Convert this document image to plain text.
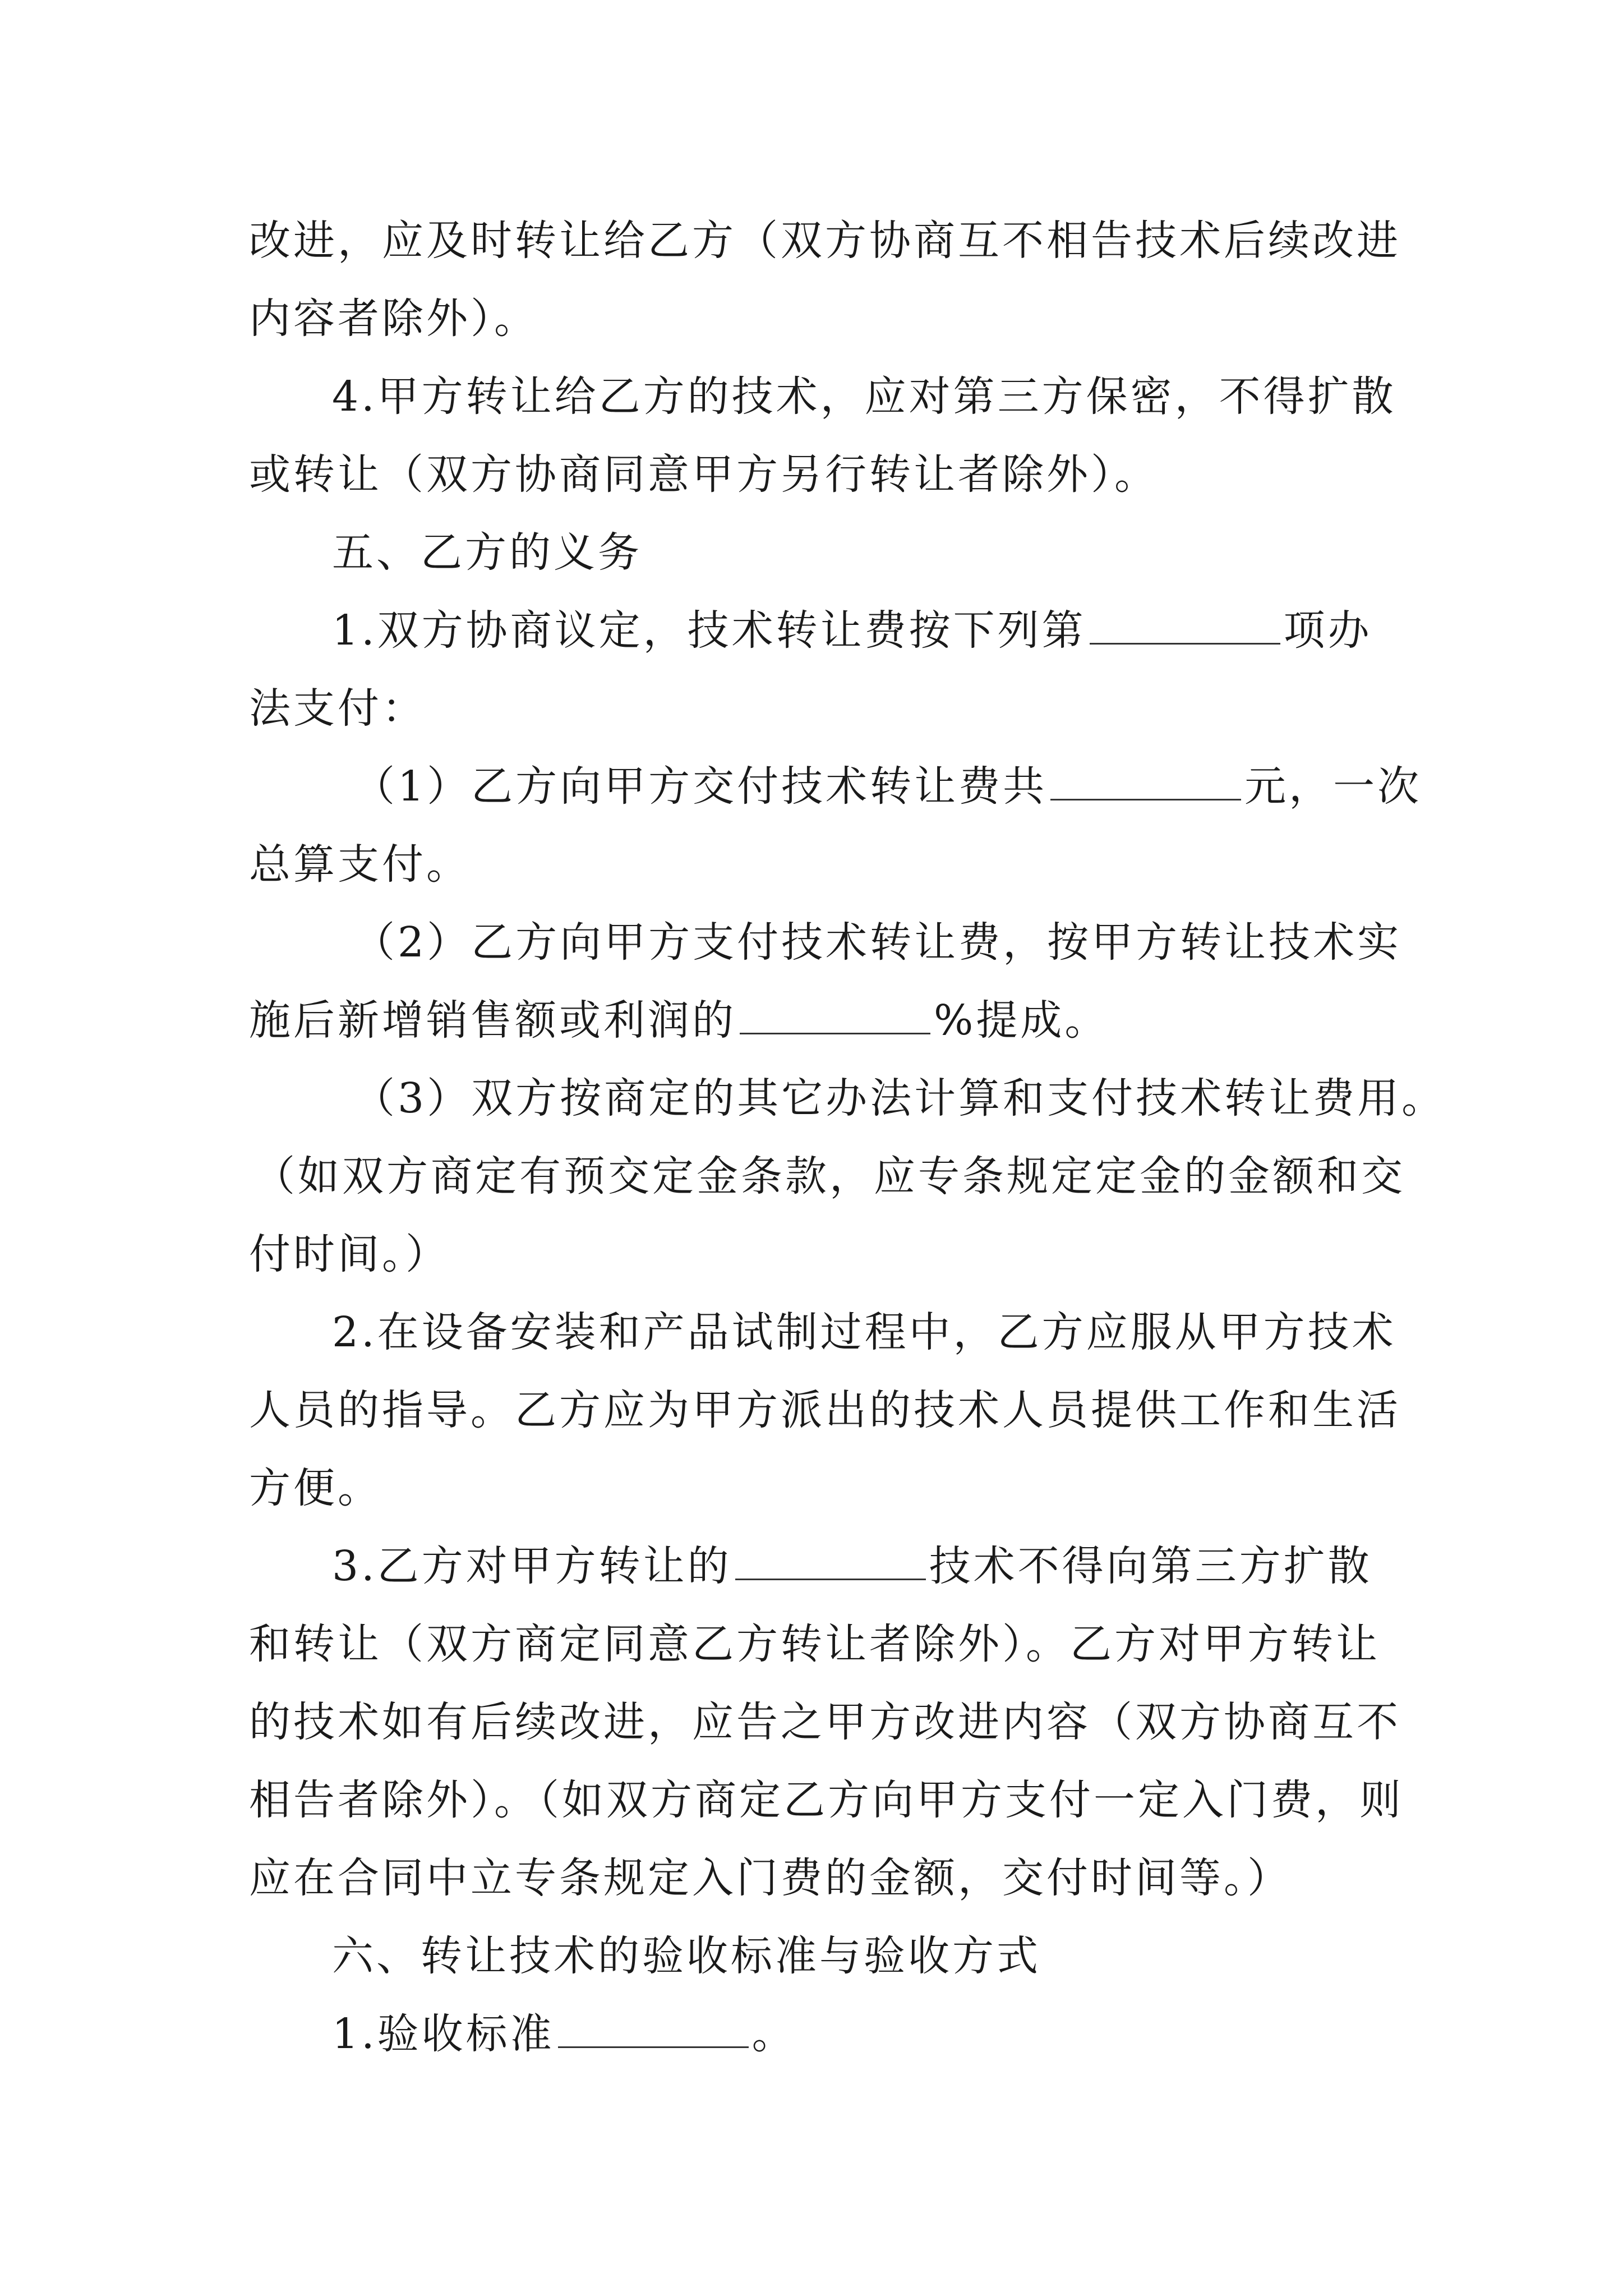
改进，应及时转让给乙方（双方协商互不相告技术后续改进
内容者除外）。
4.甲方转让给乙方的技术，应对第三方保密，不得扩散
或转让（双方协商同意甲方另行转让者除外）。
五、乙方的义务
1.双方协商议定，技术转让费按下列第	项办
法支付：
（1）乙方向甲方交付技术转让费共	元，一次
总算支付。
（2）乙方向甲方支付技术转让费，按甲方转让技术实
施后新增销售额或利润的	%提成。
（3）双方按商定的其它办法计算和支付技术转让费用。
（如双方商定有预交定金条款，应专条规定定金的金额和交
付时间。）
2.在设备安装和产品试制过程中，乙方应服从甲方技术
人员的指导。乙方应为甲方派出的技术人员提供工作和生活
方便。
3.乙方对甲方转让的	技术不得向第三方扩散
和转让（双方商定同意乙方转让者除外）。乙方对甲方转让
的技术如有后续改进，应告之甲方改进内容（双方协商互不
相告者除外）。（如双方商定乙方向甲方支付一定入门费，则
应在合同中立专条规定入门费的金额，交付时间等。）
六、转让技术的验收标准与验收方式
1.验收标准	。
